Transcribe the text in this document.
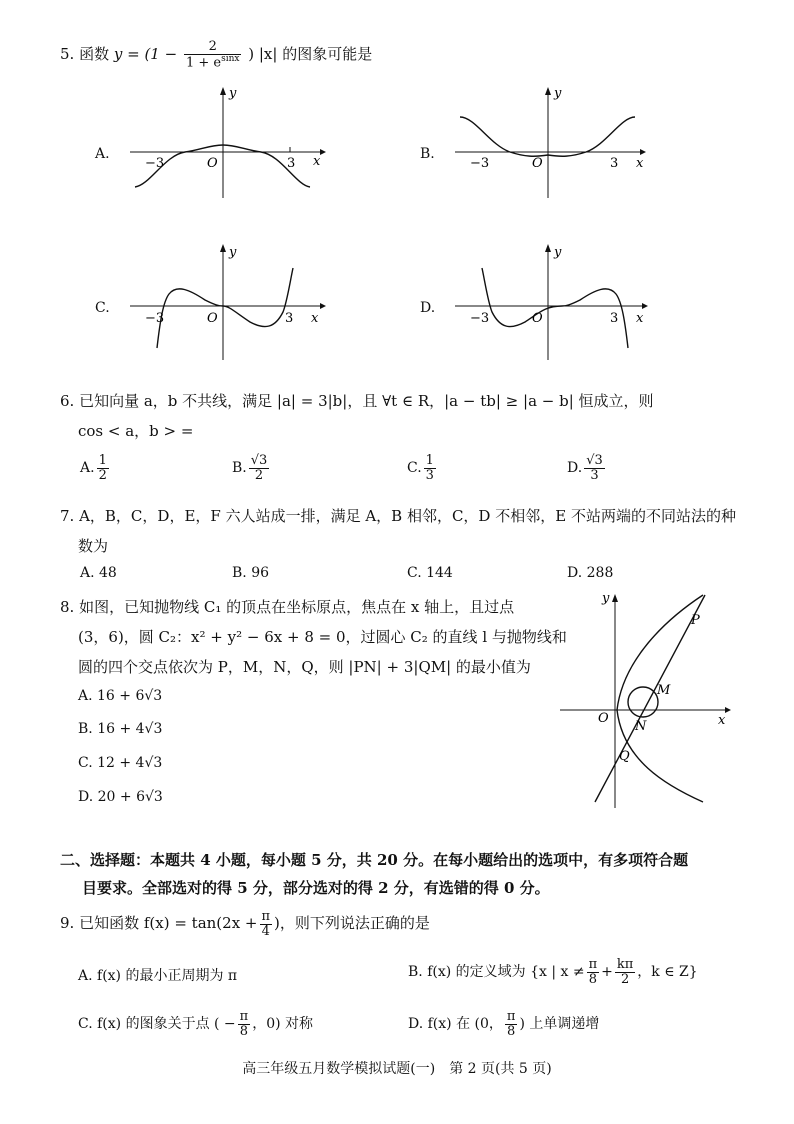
5. 函数 $y = (1 - \frac{2}{1 + e^{sinx}}$ ) |x| 的图象可能是
A.
y
x
O
−3	3
B.
y
x
O
−3	3
C.
y
x
O
−3	3
D.
y
x
O
−3	3
6. 已知向量 a，b 不共线，满足 |a| = 3|b|，且 ∀t ∈ R，|a − tb| ≥ |a − b| 恒成立，则
cos < a，b > =
A. $\frac{1}{2}$	B. $\frac{√3}{2}$	C. $\frac{1}{3}$	D. $\frac{√3}{3}$
7. A，B，C，D，E，F 六人站成一排，满足 A，B 相邻，C，D 不相邻，E 不站两端的不同站法的种
数为
A. 48	B. 96	C. 144	D. 288
8. 如图，已知抛物线 C₁ 的顶点在坐标原点，焦点在 x 轴上，且过点
(3，6)，圆 C₂：x² + y² − 6x + 8 = 0，过圆心 C₂ 的直线 l 与抛物线和
圆的四个交点依次为 P，M，N，Q，则 |PN| + 3|QM| 的最小值为
A. 16 + 6√3
B. 16 + 4√3
C. 12 + 4√3
D. 20 + 6√3
y
x
O
P
M
N
Q
二、选择题：本题共 4 小题，每小题 5 分，共 20 分。在每小题给出的选项中，有多项符合题
目要求。全部选对的得 5 分，部分选对的得 2 分，有选错的得 0 分。
9. 已知函数 $f(x) = \tan(2x + \frac{\pi}{4}$ )，则下列说法正确的是
A. f(x) 的最小正周期为 π	B. f(x) 的定义域为 {x | $x \ne \frac{\pi}{8} + \frac{k\pi}{2}$ ，k ∈ Z}
C. f(x) 的图象关于点 ( − $\frac{\pi}{8}$ ，0) 对称	D. f(x) 在 (0， $\frac{\pi}{8}$ ) 上单调递增
高三年级五月数学模拟试题(一)　第 2 页(共 5 页)
